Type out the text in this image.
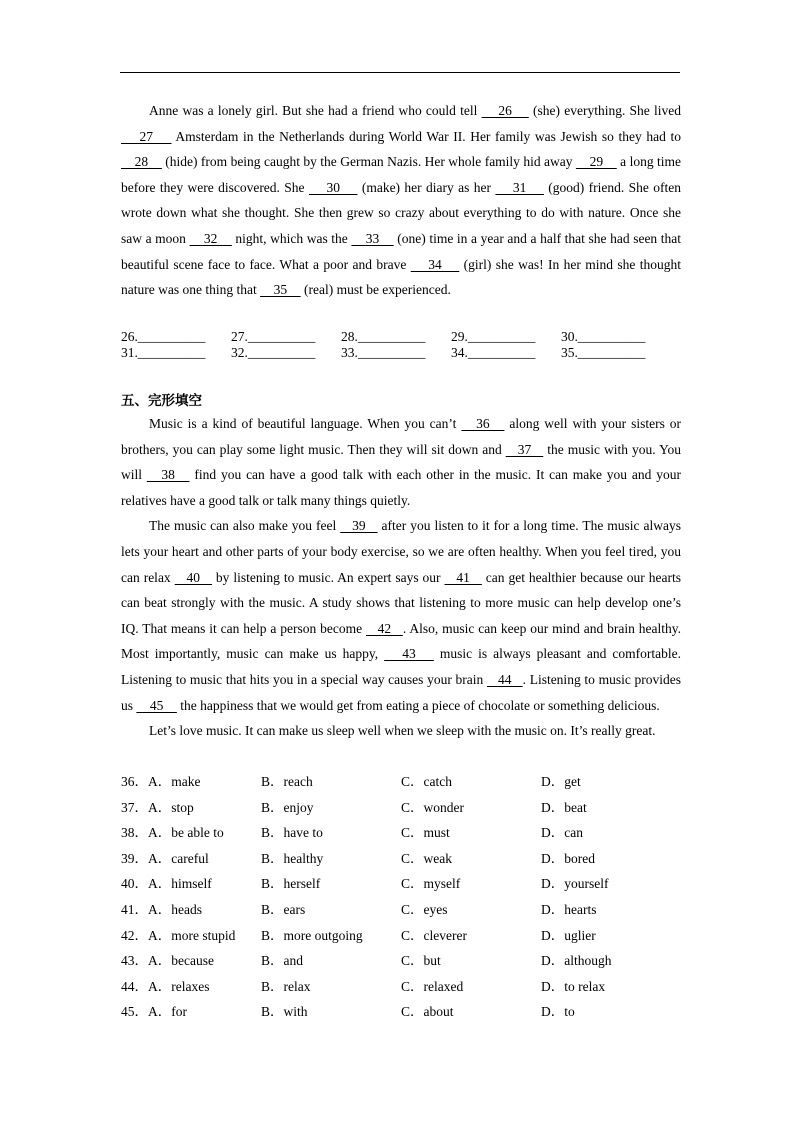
Anne was a lonely girl. But she had a friend who could tell     26     (she) everything. She lived     27     Amsterdam in the Netherlands during World War II. Her family was Jewish so they had to     28     (hide) from being caught by the German Nazis. Her whole family hid away     29     a long time before they were discovered. She     30     (make) her diary as her     31     (good) friend. She often wrote down what she thought. She then grew so crazy about everything to do with nature. Once she saw a moon     32     night, which was the     33     (one) time in a year and a half that she had seen that beautiful scene face to face. What a poor and brave     34     (girl) she was! In her mind she thought nature was one thing that     35     (real) must be experienced.

26.__________ 27.__________ 28.__________ 29.__________ 30.__________
31.__________ 32.__________ 33.__________ 34.__________ 35.__________
五、完形填空

Music is a kind of beautiful language. When you can’t    36    along well with your sisters or brothers, you can play some light music. Then they will sit down and    37    the music with you. You will    38    find you can have a good talk with each other in the music. It can make you and your relatives have a good talk or talk many things quietly.

The music can also make you feel    39    after you listen to it for a long time. The music always lets your heart and other parts of your body exercise, so we are often healthy. When you feel tired, you can relax    40    by listening to music. An expert says our    41    can get healthier because our hearts can beat strongly with the music. A study shows that listening to more music can help develop one’s IQ. That means it can help a person become    42   . Also, music can keep our mind and brain healthy. Most importantly, music can make us happy,    43    music is always pleasant and comfortable. Listening to music that hits you in a special way causes your brain    44   . Listening to music provides us     45     the happiness that we would get from eating a piece of chocolate or something delicious.

Let’s love music. It can make us sleep well when we sleep with the music on. It’s really great.

36．A．make	B．reach	C．catch	D．get
37．A．stop	B．enjoy	C．wonder	D．beat
38．A．be able to	B．have to	C．must	D．can
39．A．careful	B．healthy	C．weak	D．bored
40．A．himself	B．herself	C．myself	D．yourself
41．A．heads	B．ears	C．eyes	D．hearts
42．A．more stupid B．more outgoing	C．cleverer	D．uglier
43．A．because	B．and	C．but	D．although
44．A．relaxes	B．relax	C．relaxed	D．to relax
45．A．for	B．with	C．about	D．to
